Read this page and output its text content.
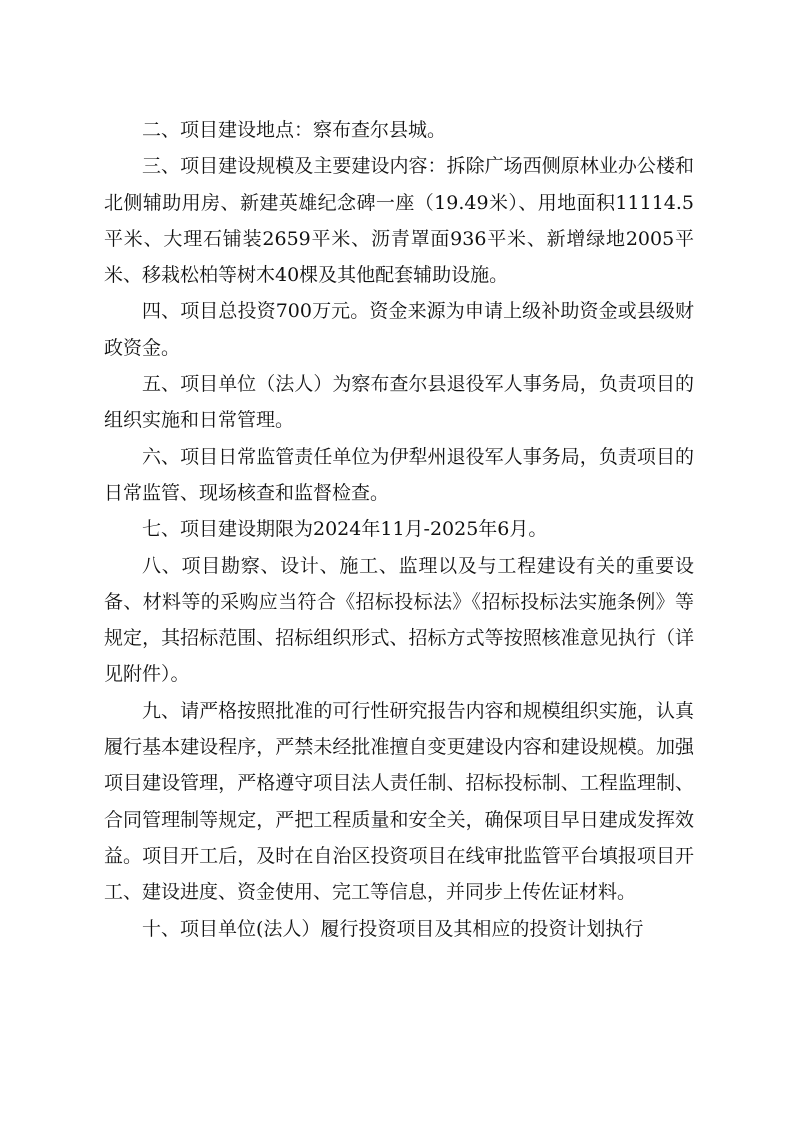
二、项目建设地点：察布查尔县城。

三、项目建设规模及主要建设内容：拆除广场西侧原林业办公楼和北侧辅助用房、新建英雄纪念碑一座（19.49米）、用地面积11114.5平米、大理石铺装2659平米、沥青罩面936平米、新增绿地2005平米、移栽松柏等树木40棵及其他配套辅助设施。

四、项目总投资700万元。资金来源为申请上级补助资金或县级财政资金。

五、项目单位（法人）为察布查尔县退役军人事务局，负责项目的组织实施和日常管理。

六、项目日常监管责任单位为伊犁州退役军人事务局，负责项目的日常监管、现场核查和监督检查。

七、项目建设期限为2024年11月-2025年6月。

八、项目勘察、设计、施工、监理以及与工程建设有关的重要设备、材料等的采购应当符合《招标投标法》《招标投标法实施条例》等规定，其招标范围、招标组织形式、招标方式等按照核准意见执行（详见附件）。

九、请严格按照批准的可行性研究报告内容和规模组织实施，认真履行基本建设程序，严禁未经批准擅自变更建设内容和建设规模。加强项目建设管理，严格遵守项目法人责任制、招标投标制、工程监理制、合同管理制等规定，严把工程质量和安全关，确保项目早日建成发挥效益。项目开工后，及时在自治区投资项目在线审批监管平台填报项目开工、建设进度、资金使用、完工等信息，并同步上传佐证材料。

十、项目单位(法人）履行投资项目及其相应的投资计划执行
